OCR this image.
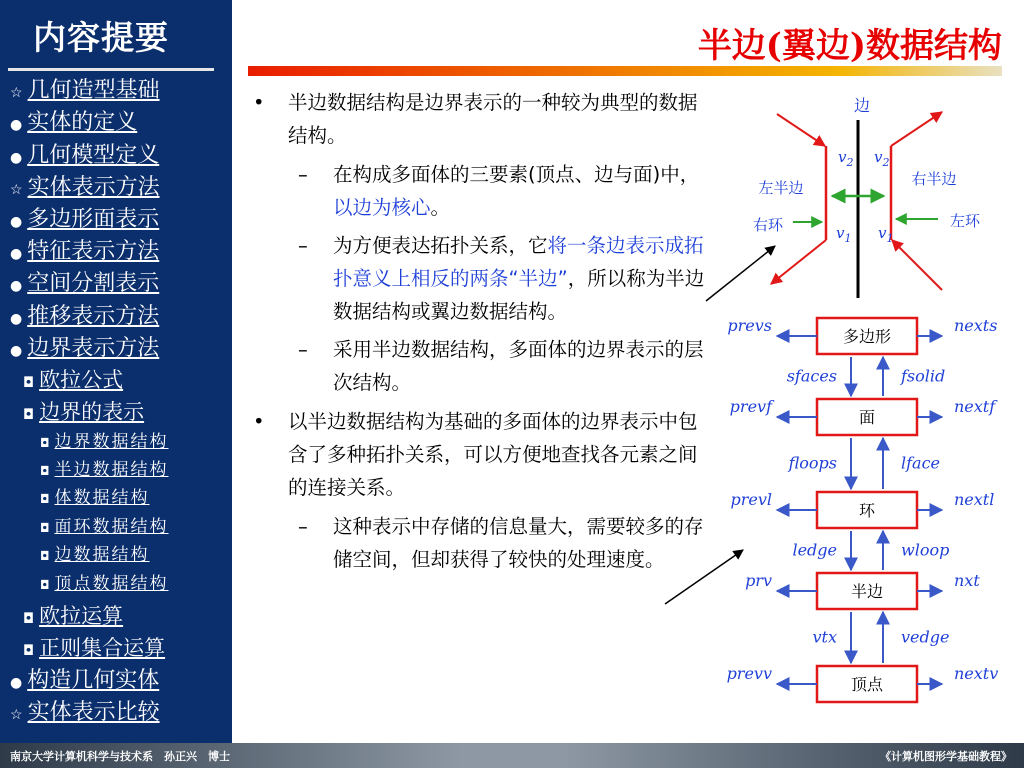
内容提要
☆ 几何造型基础
● 实体的定义
● 几何模型定义
☆ 实体表示方法
● 多边形面表示
● 特征表示方法
● 空间分割表示
● 推移表示方法
● 边界表示方法
◘ 欧拉公式
◘ 边界的表示
◘ 边界数据结构
◘ 半边数据结构
◘ 体数据结构
◘ 面环数据结构
◘ 边数据结构
◘ 顶点数据结构
◘ 欧拉运算
◘ 正则集合运算
● 构造几何实体
☆ 实体表示比较
半边(翼边)数据结构
• 半边数据结构是边界表示的一种较为典型的数据结构。
– 在构成多面体的三要素(顶点、边与面)中，以边为核心。
– 为方便表达拓扑关系，它将一条边表示成拓扑意义上相反的两条“半边”，所以称为半边数据结构或翼边数据结构。
– 采用半边数据结构，多面体的边界表示的层次结构。
• 以半边数据结构为基础的多面体的边界表示中包含了多种拓扑关系，可以方便地查找各元素之间的连接关系。
– 这种表示中存储的信息量大，需要较多的存储空间，但却获得了较快的处理速度。
边
左半边	右半边
右环	左环
$v_2$ $v_2$
$v_1$ $v_1$
多边形
prevs	nexts
面
prevf	nextf
环
prevl	nextl
半边
prv	nxt
顶点
prevv	nextv
sfaces	fsolid
floops	lface
ledge	wloop
vtx	vedge
南京大学计算机科学与技术系　孙正兴　博士	《计算机图形学基础教程》
